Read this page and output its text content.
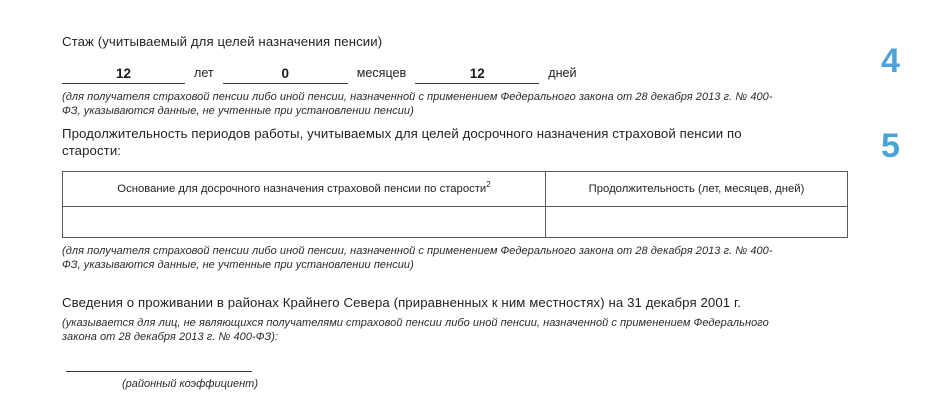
Стаж (учитываемый для целей назначения пенсии)
12	лет	0	месяцев	12	дней
(для получателя страховой пенсии либо иной пенсии, назначенной с применением Федерального закона от 28 декабря 2013 г. № 400-
ФЗ, указываются данные, не учтенные при установлении пенсии)
Продолжительность периодов работы, учитываемых для целей досрочного назначения страховой пенсии по
старости:
Основание для досрочного назначения страховой пенсии по старости$^2$	Продолжительность (лет, месяцев, дней)

(для получателя страховой пенсии либо иной пенсии, назначенной с применением Федерального закона от 28 декабря 2013 г. № 400-
ФЗ, указываются данные, не учтенные при установлении пенсии)
Сведения о проживании в районах Крайнего Севера (приравненных к ним местностях) на 31 декабря 2001 г.
(указывается для лиц, не являющихся получателями страховой пенсии либо иной пенсии, назначенной с применением Федерального
закона от 28 декабря 2013 г. № 400-ФЗ):
(районный коэффициент)
4
5
